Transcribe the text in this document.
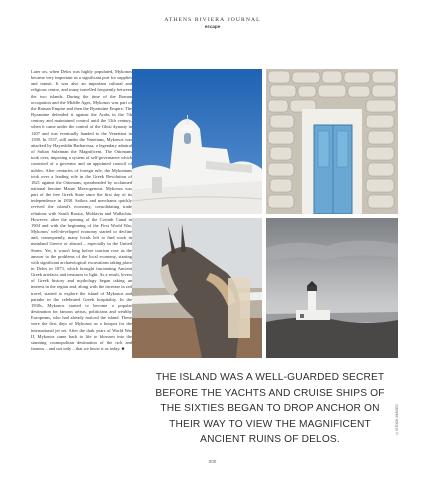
ATHENS RIVIERA JOURNAL
escape

Later on, when Delos was highly populated, Mykonos became very important as a significant port for supplies and transit. It was also an important cultural and religious centre, and many travelled frequently between the two islands. During the time of the Roman occupation and the Middle Ages, Mykonos was part of the Roman Empire and then the Byzantine Empire. The Byzantine defended it against the Arabs in the 7th century and maintained control until the 13th century, when it came under the control of the Ghisi dynasty in 1207 and was eventually handed to the Venetians in 1390. In 1537, still under the Venetians, Mykonos was attacked by Hayreddin Barbarossa, a legendary admiral of Sultan Suleiman the Magnificent. The Ottomans took over, imposing a system of self-governance which consisted of a governor and an appointed council of nobles. After centuries of foreign rule, the Mykonians took over a leading role in the Greek Revolution of 1821 against the Ottomans, spearheaded by acclaimed national heroine Manto Mavrogenous. Mykonos was part of the free Greek State since the first day of its independence in 1830. Sailors and merchants quickly revived the island's economy, consolidating trade relations with South Russia, Moldavia and Wallachia. However, after the opening of the Corinth Canal in 1904 and with the beginning of the First World War, Mykonos' well-developed economy started to decline and, consequently, many locals left to find work in mainland Greece or abroad – especially in the United States. Yet, it wasn't long before tourism rose as the answer to the problems of the local economy, starting with significant archaeological excavations taking place in Delos in 1873, which brought fascinating Ancient Greek artefacts and treasures to light. As a result, lovers of Greek history and mythology began taking an interest in the region and, along with the increase in rail travel, started to explore the island of Mykonos and partake in the celebrated Greek hospitality. In the 1930s, Mykonos started to become a popular destination for famous artists, politicians and wealthy Europeans, who had already noticed the island. These were the first days of Mykonos as a hotspot for the international jet set. After the dark years of World War II, Mykonos came back to life to blossom into the stunning cosmopolitan destination of the rich and famous – and not only – that we know it as today. ■

THE ISLAND WAS A WELL-GUARDED SECRET BEFORE THE YACHTS AND CRUISE SHIPS OF THE SIXTIES BEGAN TO DROP ANCHOR ON THEIR WAY TO VIEW THE MAGNIFICENT ANCIENT RUINS OF DELOS.
©ISTOCK IMAGES
000
